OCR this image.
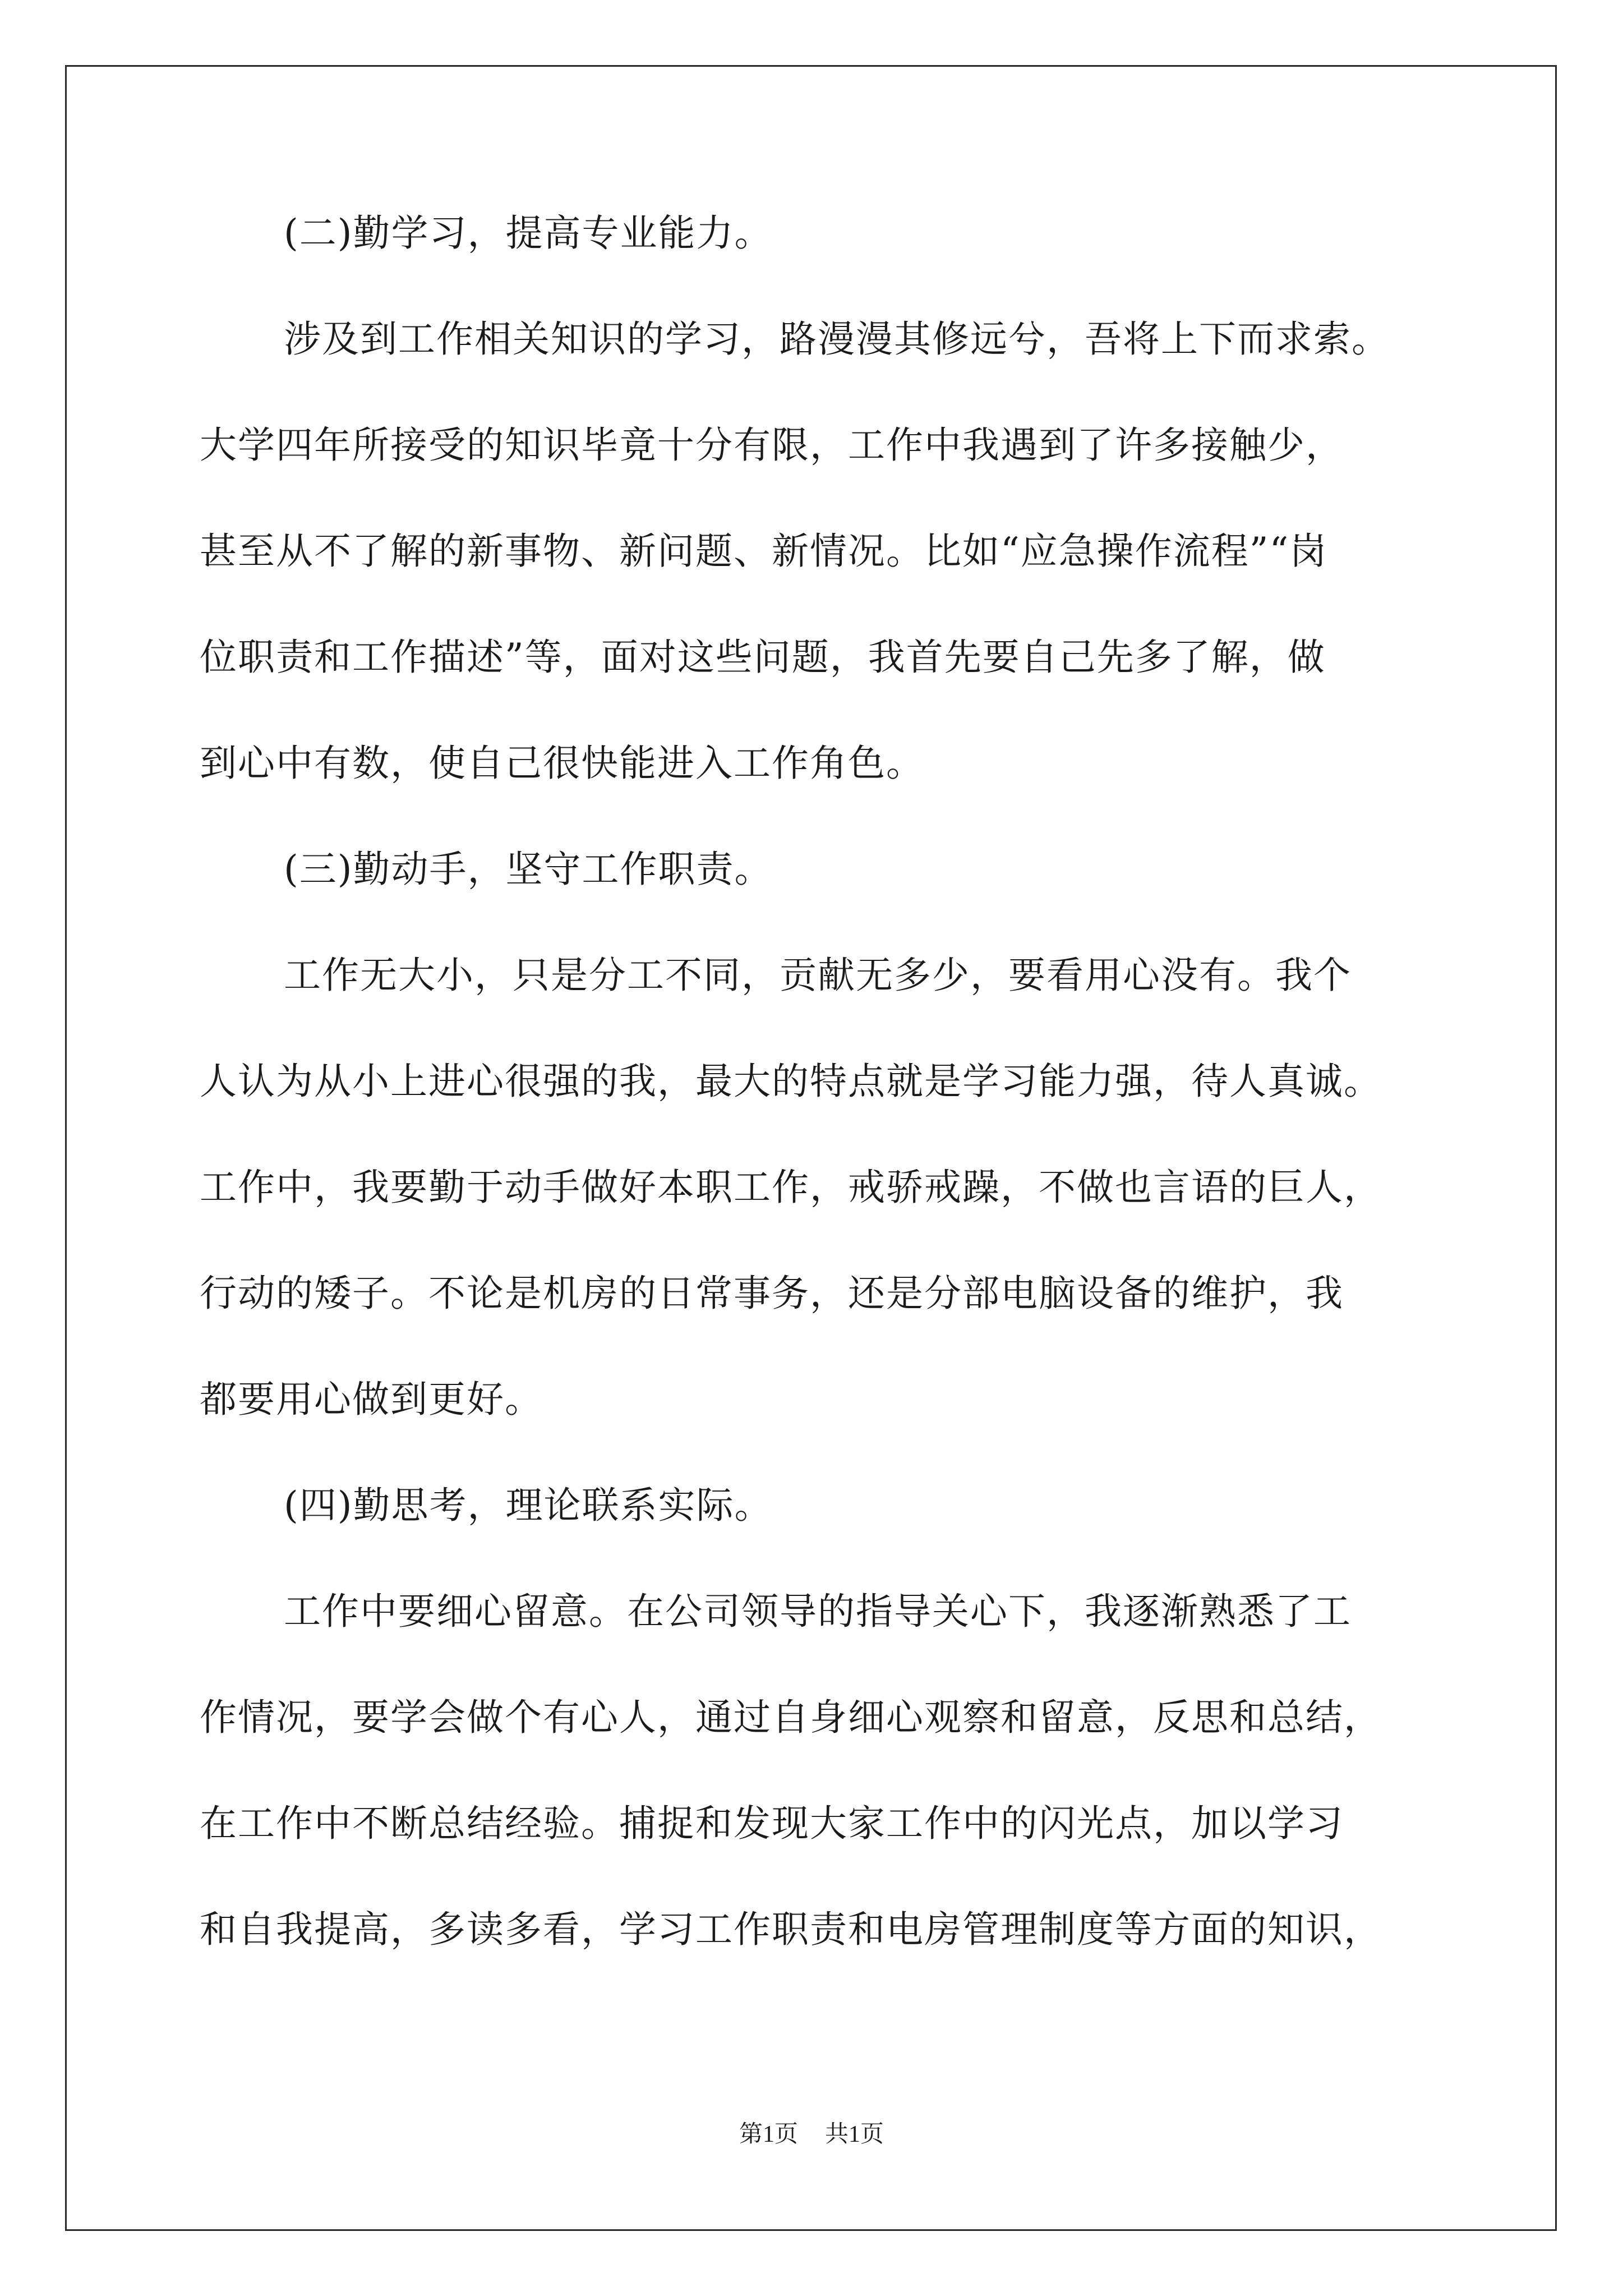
(二)勤学习，提高专业能力。

涉及到工作相关知识的学习，路漫漫其修远兮，吾将上下而求索。

大学四年所接受的知识毕竟十分有限，工作中我遇到了许多接触少，

甚至从不了解的新事物、新问题、新情况。比如“应急操作流程”“岗

位职责和工作描述”等，面对这些问题，我首先要自己先多了解，做

到心中有数，使自己很快能进入工作角色。

(三)勤动手，坚守工作职责。

工作无大小，只是分工不同，贡献无多少，要看用心没有。我个

人认为从小上进心很强的我，最大的特点就是学习能力强，待人真诚。

工作中，我要勤于动手做好本职工作，戒骄戒躁，不做也言语的巨人，

行动的矮子。不论是机房的日常事务，还是分部电脑设备的维护，我

都要用心做到更好。

(四)勤思考，理论联系实际。

工作中要细心留意。在公司领导的指导关心下，我逐渐熟悉了工

作情况，要学会做个有心人，通过自身细心观察和留意，反思和总结，

在工作中不断总结经验。捕捉和发现大家工作中的闪光点，加以学习

和自我提高，多读多看，学习工作职责和电房管理制度等方面的知识，

第1页 共1页
